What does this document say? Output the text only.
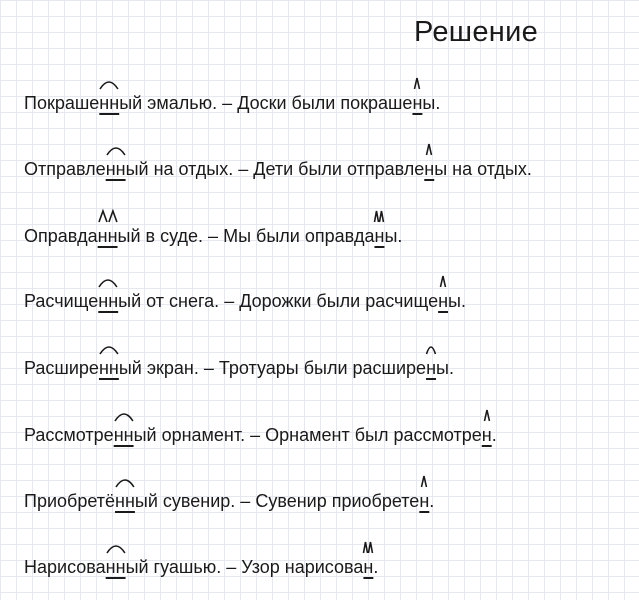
Решение
Покрашенн
ый эмалью. – Доски были покрашен
ы.
Отправленн
ый на отдых. – Дети были отправлен
ы на отдых.
Оправданн
ый в суде. – Мы были оправдан
ы.
Расчищенн
ый от снега. – Дорожки были расчищен
ы.
Расширенн
ый экран. – Тротуары были расширен
ы.
Рассмотренн
ый орнамент. – Орнамент был рассмотрен
.
Приобретённ
ый сувенир. – Сувенир приобретен
.
Нарисованн
ый гуашью. – Узор нарисован
.
